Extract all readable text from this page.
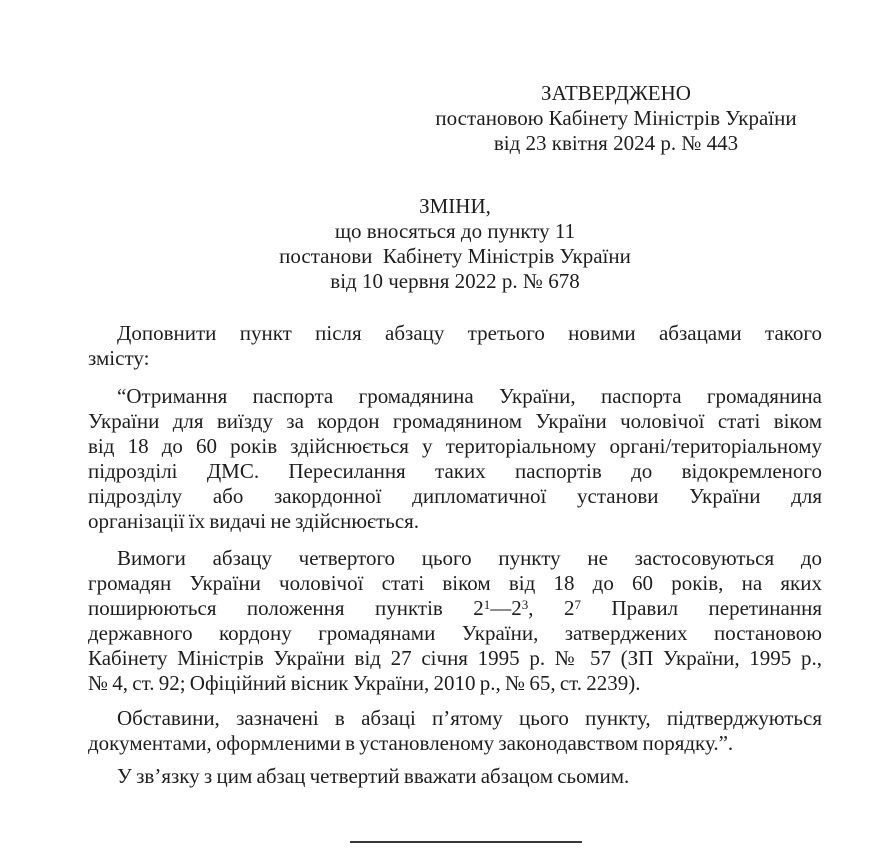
ЗАТВЕРДЖЕНО
постановою Кабінету Міністрів України
від 23 квітня 2024 р. № 443
ЗМІНИ,
що вносяться до пункту 11
постанови  Кабінету Міністрів України
від 10 червня 2022 р. № 678
Доповнити пункт після абзацу третього новими абзацами такого
змісту:
“Отримання паспорта громадянина України, паспорта громадянина
України для виїзду за кордон громадянином України чоловічої статі віком
від 18 до 60 років здійснюється у територіальному органі/територіальному
підрозділі ДМС. Пересилання таких паспортів до відокремленого
підрозділу або закордонної дипломатичної установи України для
організації їх видачі не здійснюється.
Вимоги абзацу четвертого цього пункту не застосовуються до
громадян України чоловічої статі віком від 18 до 60 років, на яких
поширюються положення пунктів $2^1—2^3$, $2^7$ Правил перетинання
державного кордону громадянами України, затверджених постановою
Кабінету Міністрів України від 27 січня 1995 р. № 57 (ЗП України, 1995 р.,
№ 4, ст. 92; Офіційний вісник України, 2010 р., № 65, ст. 2239).
Обставини, зазначені в абзаці п’ятому цього пункту, підтверджуються
документами, оформленими в установленому законодавством порядку.”.
У зв’язку з цим абзац четвертий вважати абзацом сьомим.
